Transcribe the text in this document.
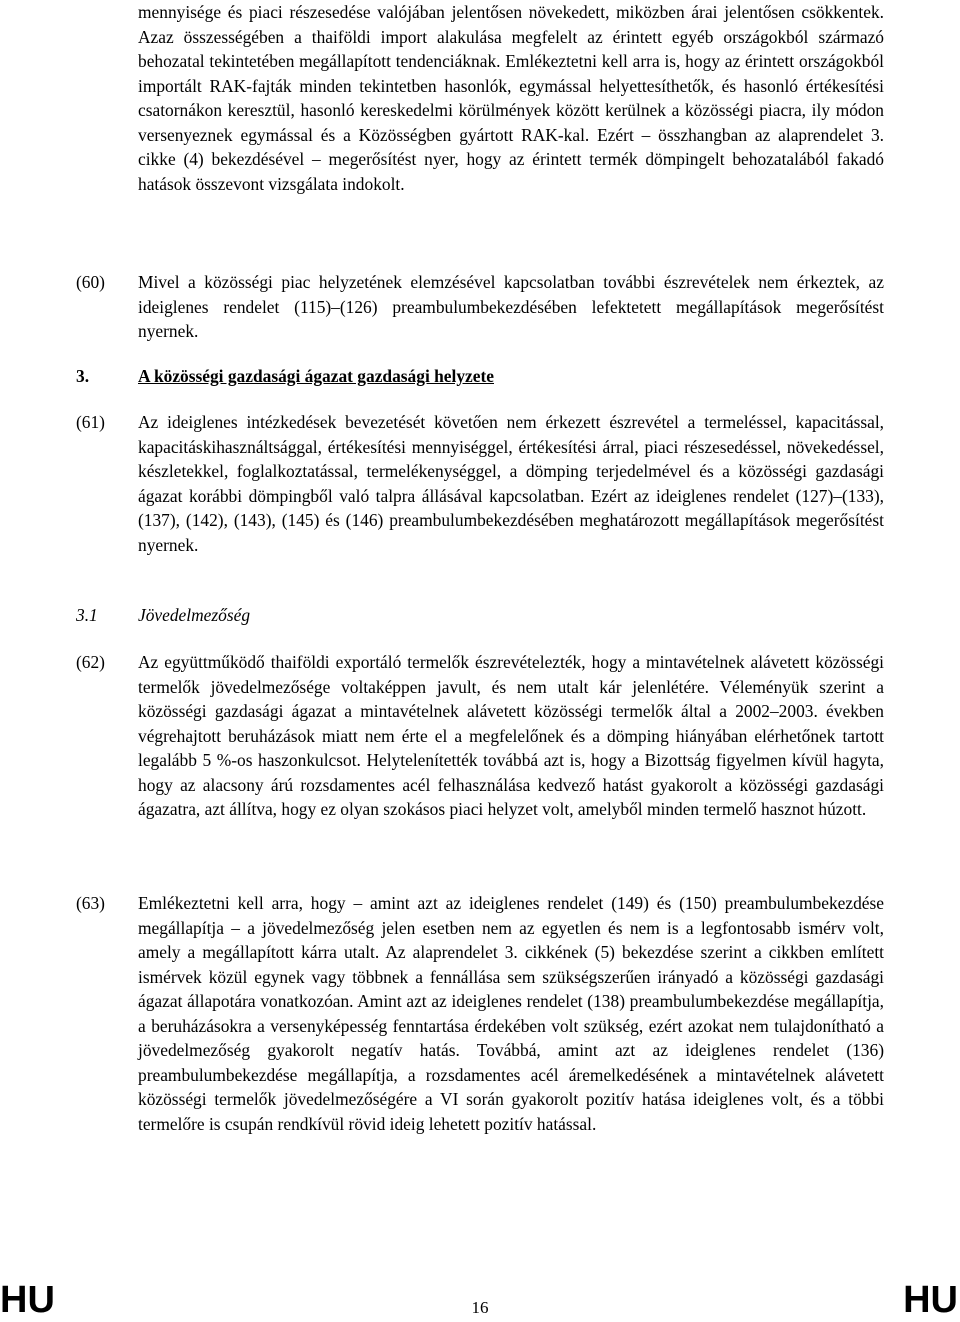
mennyisége és piaci részesedése valójában jelentősen növekedett, miközben árai jelentősen csökkentek. Azaz összességében a thaiföldi import alakulása megfelelt az érintett egyéb országokból származó behozatal tekintetében megállapított tendenciáknak. Emlékeztetni kell arra is, hogy az érintett országokból importált RAK-fajták minden tekintetben hasonlók, egymással helyettesíthetők, és hasonló értékesítési csatornákon keresztül, hasonló kereskedelmi körülmények között kerülnek a közösségi piacra, ily módon versenyeznek egymással és a Közösségben gyártott RAK-kal. Ezért – összhangban az alaprendelet 3. cikke (4) bekezdésével – megerősítést nyer, hogy az érintett termék dömpingelt behozatalából fakadó hatások összevont vizsgálata indokolt.

(60) Mivel a közösségi piac helyzetének elemzésével kapcsolatban további észrevételek nem érkeztek, az ideiglenes rendelet (115)–(126) preambulumbekezdésében lefektetett megállapítások megerősítést nyernek.

3.	A közösségi gazdasági ágazat gazdasági helyzete

(61) Az ideiglenes intézkedések bevezetését követően nem érkezett észrevétel a termeléssel, kapacitással, kapacitáskihasználtsággal, értékesítési mennyiséggel, értékesítési árral, piaci részesedéssel, növekedéssel, készletekkel, foglalkoztatással, termelékenységgel, a dömping terjedelmével és a közösségi gazdasági ágazat korábbi dömpingből való talpra állásával kapcsolatban. Ezért az ideiglenes rendelet (127)–(133), (137), (142), (143), (145) és (146) preambulumbekezdésében meghatározott megállapítások megerősítést nyernek.

3.1 Jövedelmezőség

(62) Az együttműködő thaiföldi exportáló termelők észrevételezték, hogy a mintavételnek alávetett közösségi termelők jövedelmezősége voltaképpen javult, és nem utalt kár jelenlétére. Véleményük szerint a közösségi gazdasági ágazat a mintavételnek alávetett közösségi termelők által a 2002–2003. években végrehajtott beruházások miatt nem érte el a megfelelőnek és a dömping hiányában elérhetőnek tartott legalább 5 %-os haszonkulcsot. Helytelenítették továbbá azt is, hogy a Bizottság figyelmen kívül hagyta, hogy az alacsony árú rozsdamentes acél felhasználása kedvező hatást gyakorolt a közösségi gazdasági ágazatra, azt állítva, hogy ez olyan szokásos piaci helyzet volt, amelyből minden termelő hasznot húzott.

(63) Emlékeztetni kell arra, hogy – amint azt az ideiglenes rendelet (149) és (150) preambulumbekezdése megállapítja – a jövedelmezőség jelen esetben nem az egyetlen és nem is a legfontosabb ismérv volt, amely a megállapított kárra utalt. Az alaprendelet 3. cikkének (5) bekezdése szerint a cikkben említett ismérvek közül egynek vagy többnek a fennállása sem szükségszerűen irányadó a közösségi gazdasági ágazat állapotára vonatkozóan. Amint azt az ideiglenes rendelet (138) preambulumbekezdése megállapítja, a beruházásokra a versenyképesség fenntartása érdekében volt szükség, ezért azokat nem tulajdonítható a jövedelmezőség gyakorolt negatív hatás. Továbbá, amint azt az ideiglenes rendelet (136) preambulumbekezdése megállapítja, a rozsdamentes acél áremelkedésének a mintavételnek alávetett közösségi termelők jövedelmezőségére a VI során gyakorolt pozitív hatása ideiglenes volt, és a többi termelőre is csupán rendkívül rövid ideig lehetett pozitív hatással.

HU	16	HU
